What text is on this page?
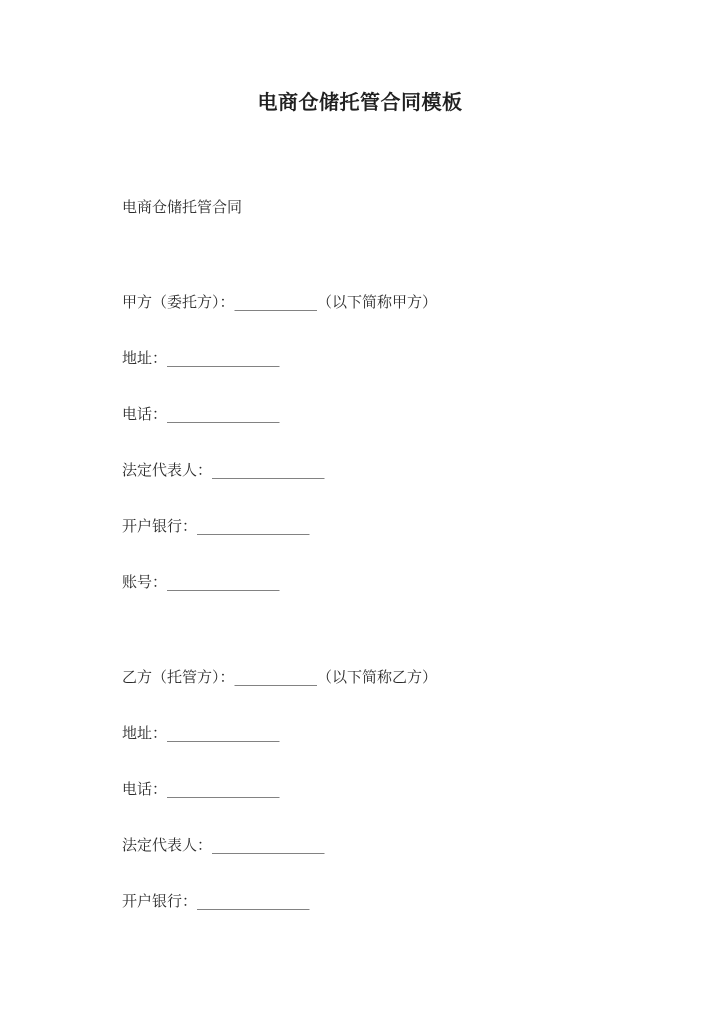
电商仓储托管合同模板
电商仓储托管合同
甲方（委托方）：___________（以下简称甲方）
地址：_______________
电话：_______________
法定代表人：_______________
开户银行：_______________
账号：_______________
乙方（托管方）：___________（以下简称乙方）
地址：_______________
电话：_______________
法定代表人：_______________
开户银行：_______________
